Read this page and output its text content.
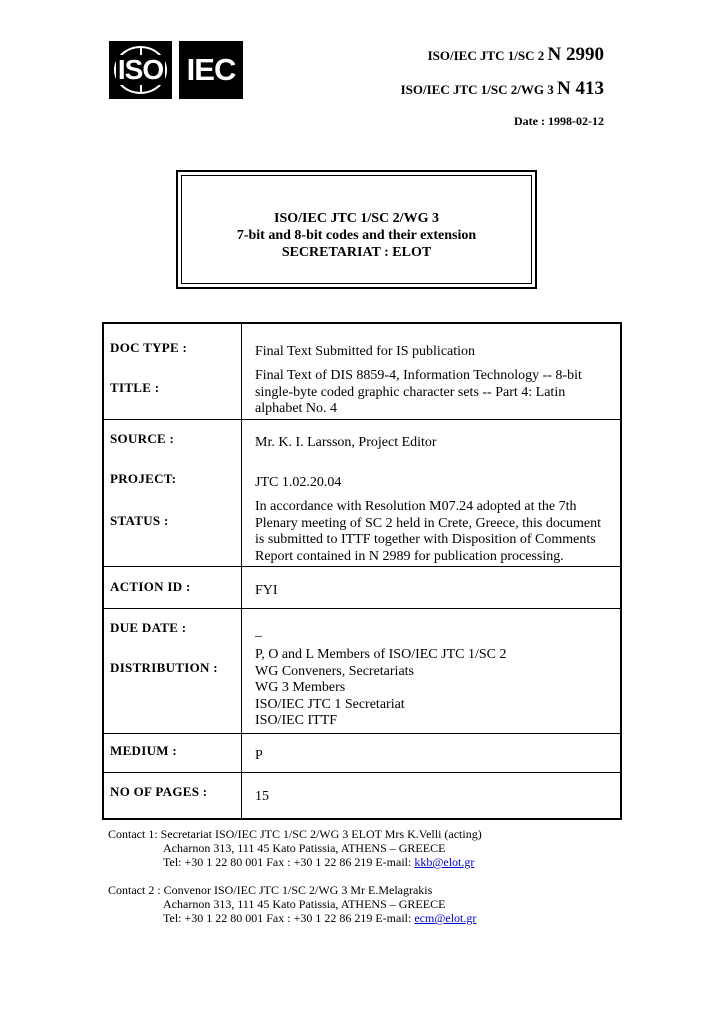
ISO IEC	ISO/IEC JTC 1/SC 2 N 2990
ISO/IEC JTC 1/SC 2/WG 3 N 413
Date : 1998-02-12
ISO/IEC JTC 1/SC 2/WG 3
7-bit and 8-bit codes and their extension
SECRETARIAT : ELOT
DOC TYPE :	Final Text Submitted for IS publication
TITLE :
Final Text of DIS 8859-4, Information Technology -- 8-bit
single-byte coded graphic character sets -- Part 4: Latin
alphabet No. 4
SOURCE :	Mr. K. I. Larsson, Project Editor
PROJECT:	JTC 1.02.20.04
STATUS :
In accordance with Resolution M07.24 adopted at the 7th
Plenary meeting of SC 2 held in Crete, Greece, this document
is submitted to ITTF together with Disposition of Comments
Report contained in N 2989 for publication processing.
ACTION ID :	FYI
DUE DATE :	_
DISTRIBUTION :
P, O and L Members of ISO/IEC JTC 1/SC 2
WG Conveners, Secretariats
WG 3 Members
ISO/IEC JTC 1 Secretariat
ISO/IEC ITTF
MEDIUM :	P
NO OF PAGES :	15
Contact 1: Secretariat ISO/IEC JTC 1/SC 2/WG 3 ELOT Mrs K.Velli (acting)
Acharnon 313, 111 45 Kato Patissia, ATHENS – GREECE
Tel: +30 1 22 80 001 Fax : +30 1 22 86 219 E-mail: kkb@elot.gr
Contact 2 : Convenor ISO/IEC JTC 1/SC 2/WG 3 Mr E.Melagrakis
Acharnon 313, 111 45 Kato Patissia, ATHENS – GREECE
Tel: +30 1 22 80 001 Fax : +30 1 22 86 219 E-mail: ecm@elot.gr
